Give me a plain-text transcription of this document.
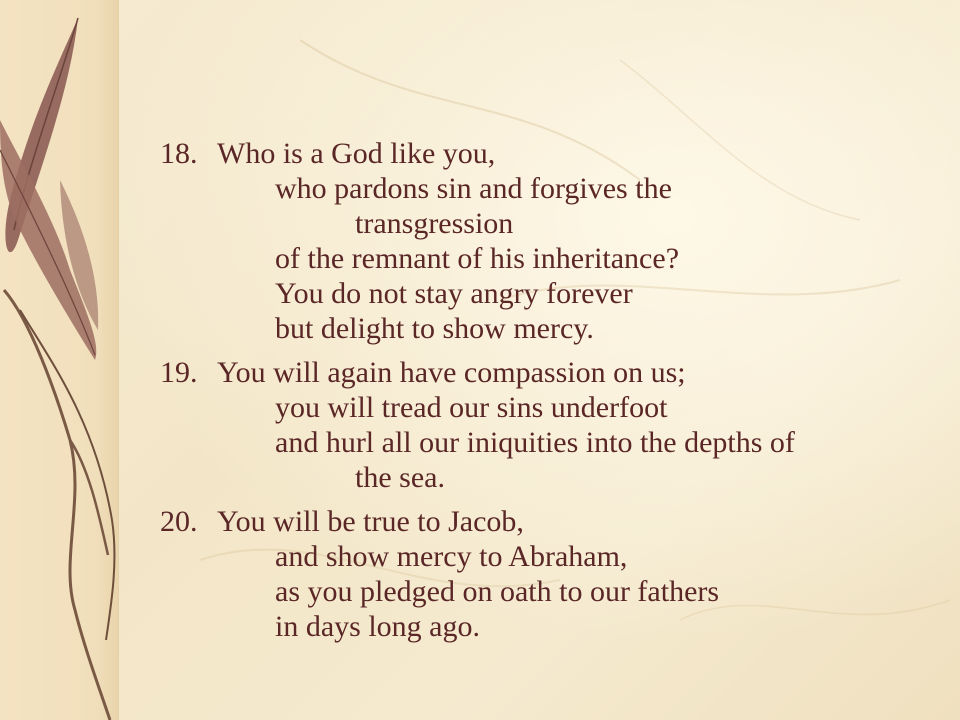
18. Who is a God like you,
who pardons sin and forgives the
transgression
of the remnant of his inheritance?
You do not stay angry forever
but delight to show mercy.
19. You will again have compassion on us;
you will tread our sins underfoot
and hurl all our iniquities into the depths of
the sea.
20. You will be true to Jacob,
and show mercy to Abraham,
as you pledged on oath to our fathers
in days long ago.
